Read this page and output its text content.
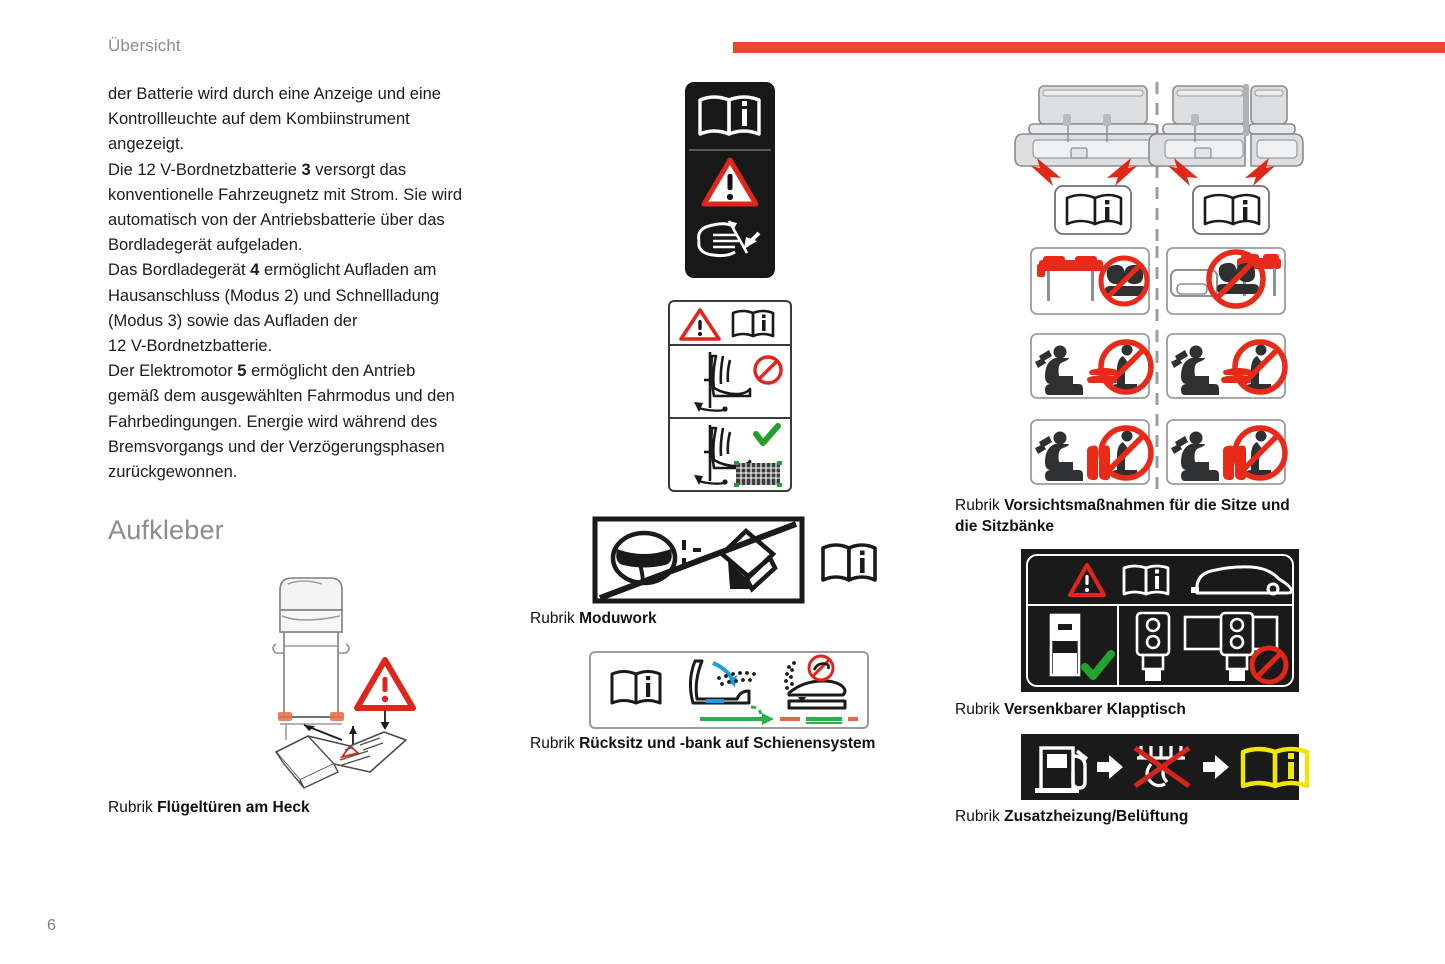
Übersicht
der Batterie wird durch eine Anzeige und eine
Kontrollleuchte auf dem Kombiinstrument
angezeigt.
Die 12 V-Bordnetzbatterie 3 versorgt das
konventionelle Fahrzeugnetz mit Strom. Sie wird
automatisch von der Antriebsbatterie über das
Bordladegerät aufgeladen.
Das Bordladegerät 4 ermöglicht Aufladen am
Hausanschluss (Modus 2) und Schnellladung
(Modus 3) sowie das Aufladen der
12 V-Bordnetzbatterie.
Der Elektromotor 5 ermöglicht den Antrieb
gemäß dem ausgewählten Fahrmodus und den
Fahrbedingungen. Energie wird während des
Bremsvorgangs und der Verzögerungsphasen
zurückgewonnen.
Aufkleber
Rubrik Flügeltüren am Heck
Rubrik Moduwork
Rubrik Rücksitz und -bank auf Schienensystem
Rubrik Vorsichtsmaßnahmen für die Sitze und
die Sitzbänke
Rubrik Versenkbarer Klapptisch
Rubrik Zusatzheizung/Belüftung
6
